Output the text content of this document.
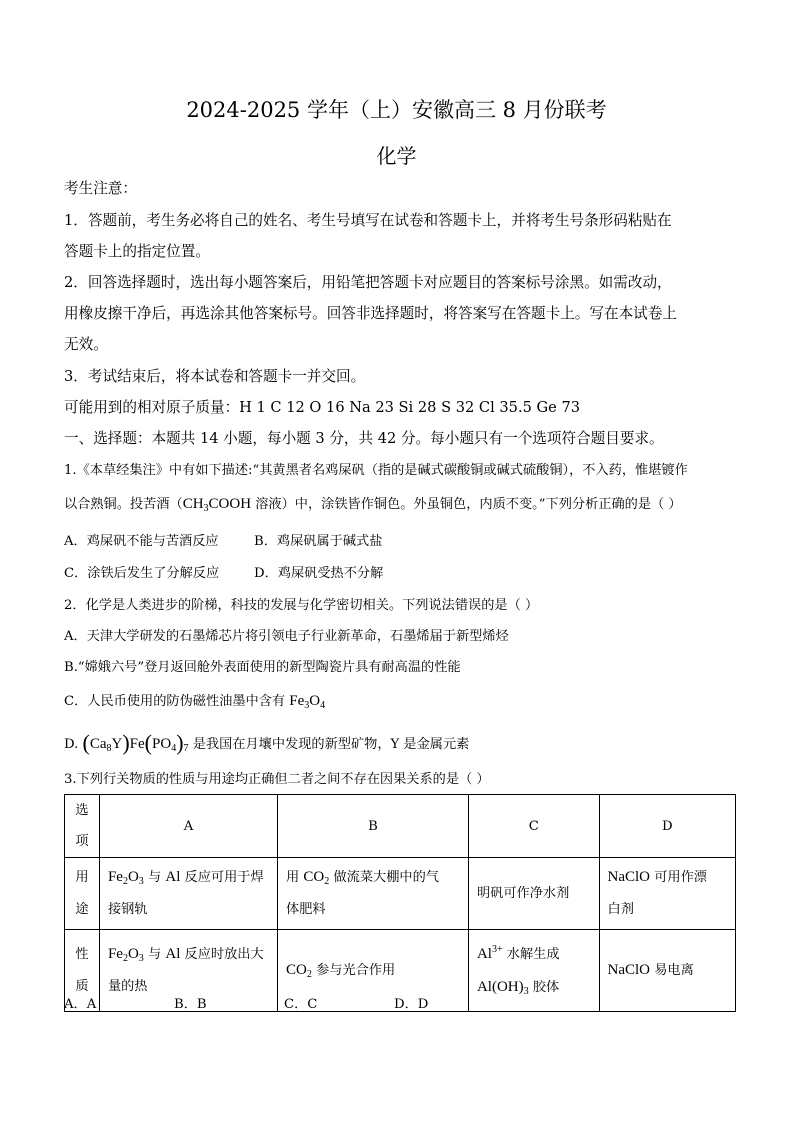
2024-2025 学年（上）安徽高三 8 月份联考
化学
考生注意：
1．答题前，考生务必将自己的姓名、考生号填写在试卷和答题卡上，并将考生号条形码粘贴在
答题卡上的指定位置。
2．回答选择题时，选出每小题答案后，用铅笔把答题卡对应题目的答案标号涂黑。如需改动，
用橡皮擦干净后，再选涂其他答案标号。回答非选择题时，将答案写在答题卡上。写在本试卷上
无效。
3．考试结束后，将本试卷和答题卡一并交回。
可能用到的相对原子质量：H 1 C 12 O 16 Na 23 Si 28 S 32 Cl 35.5 Ge 73
一、选择题：本题共 14 小题，每小题 3 分，共 42 分。每小题只有一个选项符合题目要求。
1.《本草经集注》中有如下描述:“其黄黑者名鸡屎矾（指的是碱式碳酸铜或碱式硫酸铜），不入药，惟堪镀作
以合熟铜。投苦酒（$CH_3COOH$ 溶液）中，涂铁皆作铜色。外虽铜色，内质不变。”下列分析正确的是（ ）
A．鸡屎矾不能与苦酒反应	B．鸡屎矾属于碱式盐
C．涂铁后发生了分解反应	D．鸡屎矾受热不分解
2．化学是人类进步的阶梯，科技的发展与化学密切相关。下列说法错误的是（ ）
A．天津大学研发的石墨烯芯片将引领电子行业新革命，石墨烯届于新型烯烃
B.“嫦娥六号”登月返回舱外表面使用的新型陶瓷片具有耐高温的性能
C．人民币使用的防伪磁性油墨中含有 $Fe_3O_4$
D. $(Ca_8Y)Fe(PO_4)_7$ 是我国在月壤中发现的新型矿物，Y 是金属元素
3.下列行关物质的性质与用途均正确但二者之间不存在因果关系的是（ ）
选项	A	B	C	D
用途	$Fe_2O_3$ 与 Al 反应可用于焊
接钢轨	用 $CO_2$ 做流菜大棚中的气
体肥料	明矾可作净水剂	NaClO 可用作漂
白剂
性质	$Fe_2O_3$ 与 Al 反应时放出大
量的热	$CO_2$ 参与光合作用	$Al^{3+}$ 水解生成
$Al(OH)_3$ 胶体	NaClO 易电离
A．A	B．B	C．C	D．D
